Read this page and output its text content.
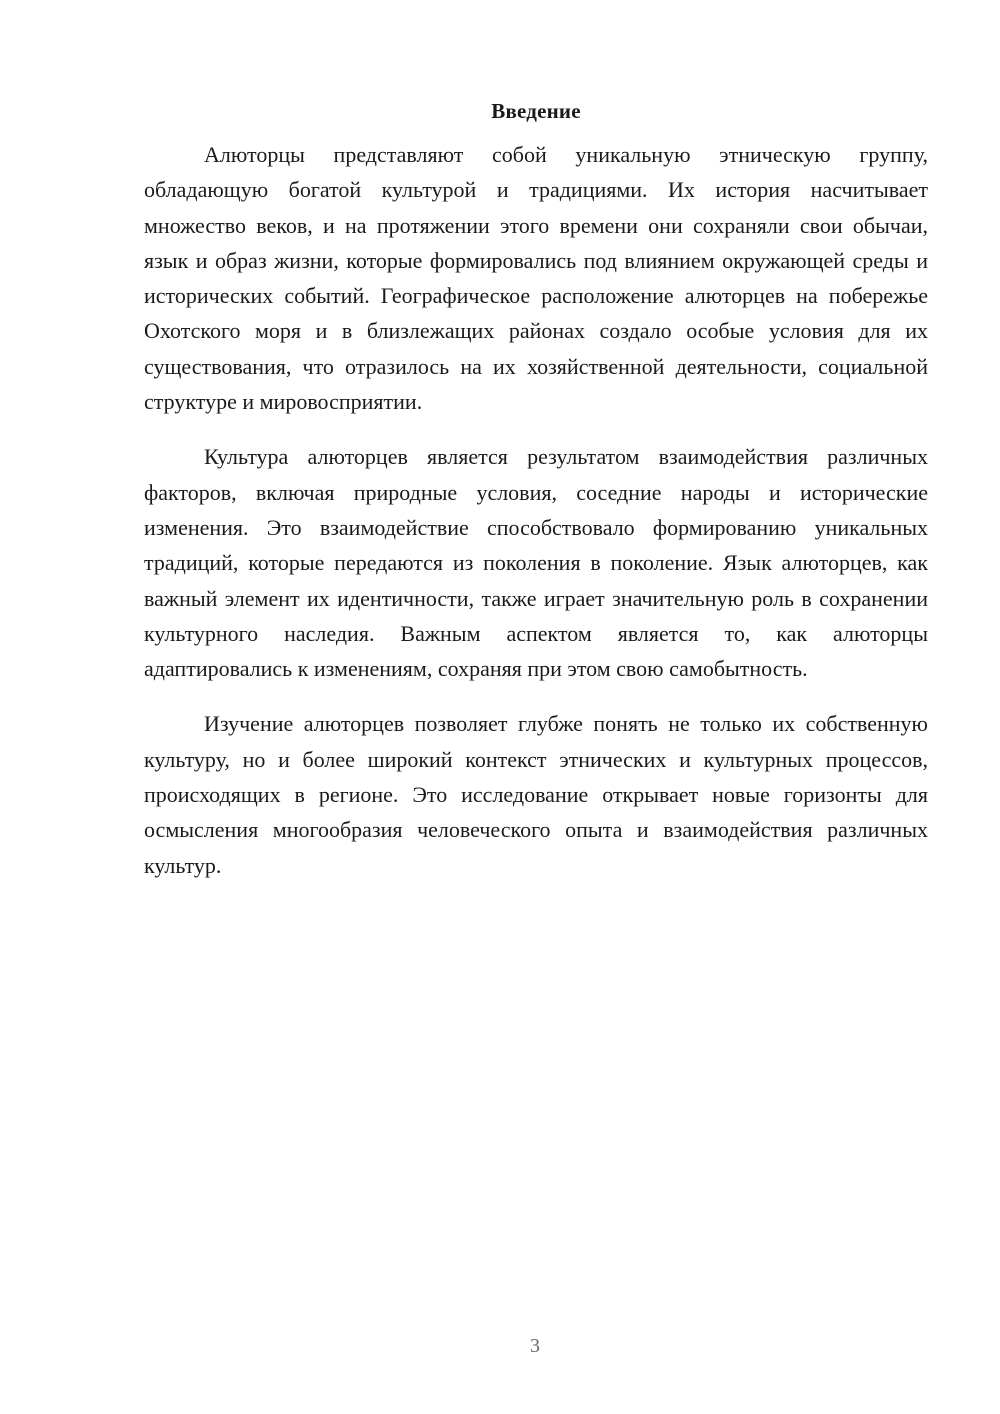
Введение

Алюторцы представляют собой уникальную этническую группу, обладающую богатой культурой и традициями. Их история насчитывает множество веков, и на протяжении этого времени они сохраняли свои обычаи, язык и образ жизни, которые формировались под влиянием окружающей среды и исторических событий. Географическое расположение алюторцев на побережье Охотского моря и в близлежащих районах создало особые условия для их существования, что отразилось на их хозяйственной деятельности, социальной структуре и мировосприятии.

Культура алюторцев является результатом взаимодействия различных факторов, включая природные условия, соседние народы и исторические изменения. Это взаимодействие способствовало формированию уникальных традиций, которые передаются из поколения в поколение. Язык алюторцев, как важный элемент их идентичности, также играет значительную роль в сохранении культурного наследия. Важным аспектом является то, как алюторцы адаптировались к изменениям, сохраняя при этом свою самобытность.

Изучение алюторцев позволяет глубже понять не только их собственную культуру, но и более широкий контекст этнических и культурных процессов, происходящих в регионе. Это исследование открывает новые горизонты для осмысления многообразия человеческого опыта и взаимодействия различных культур.

3
